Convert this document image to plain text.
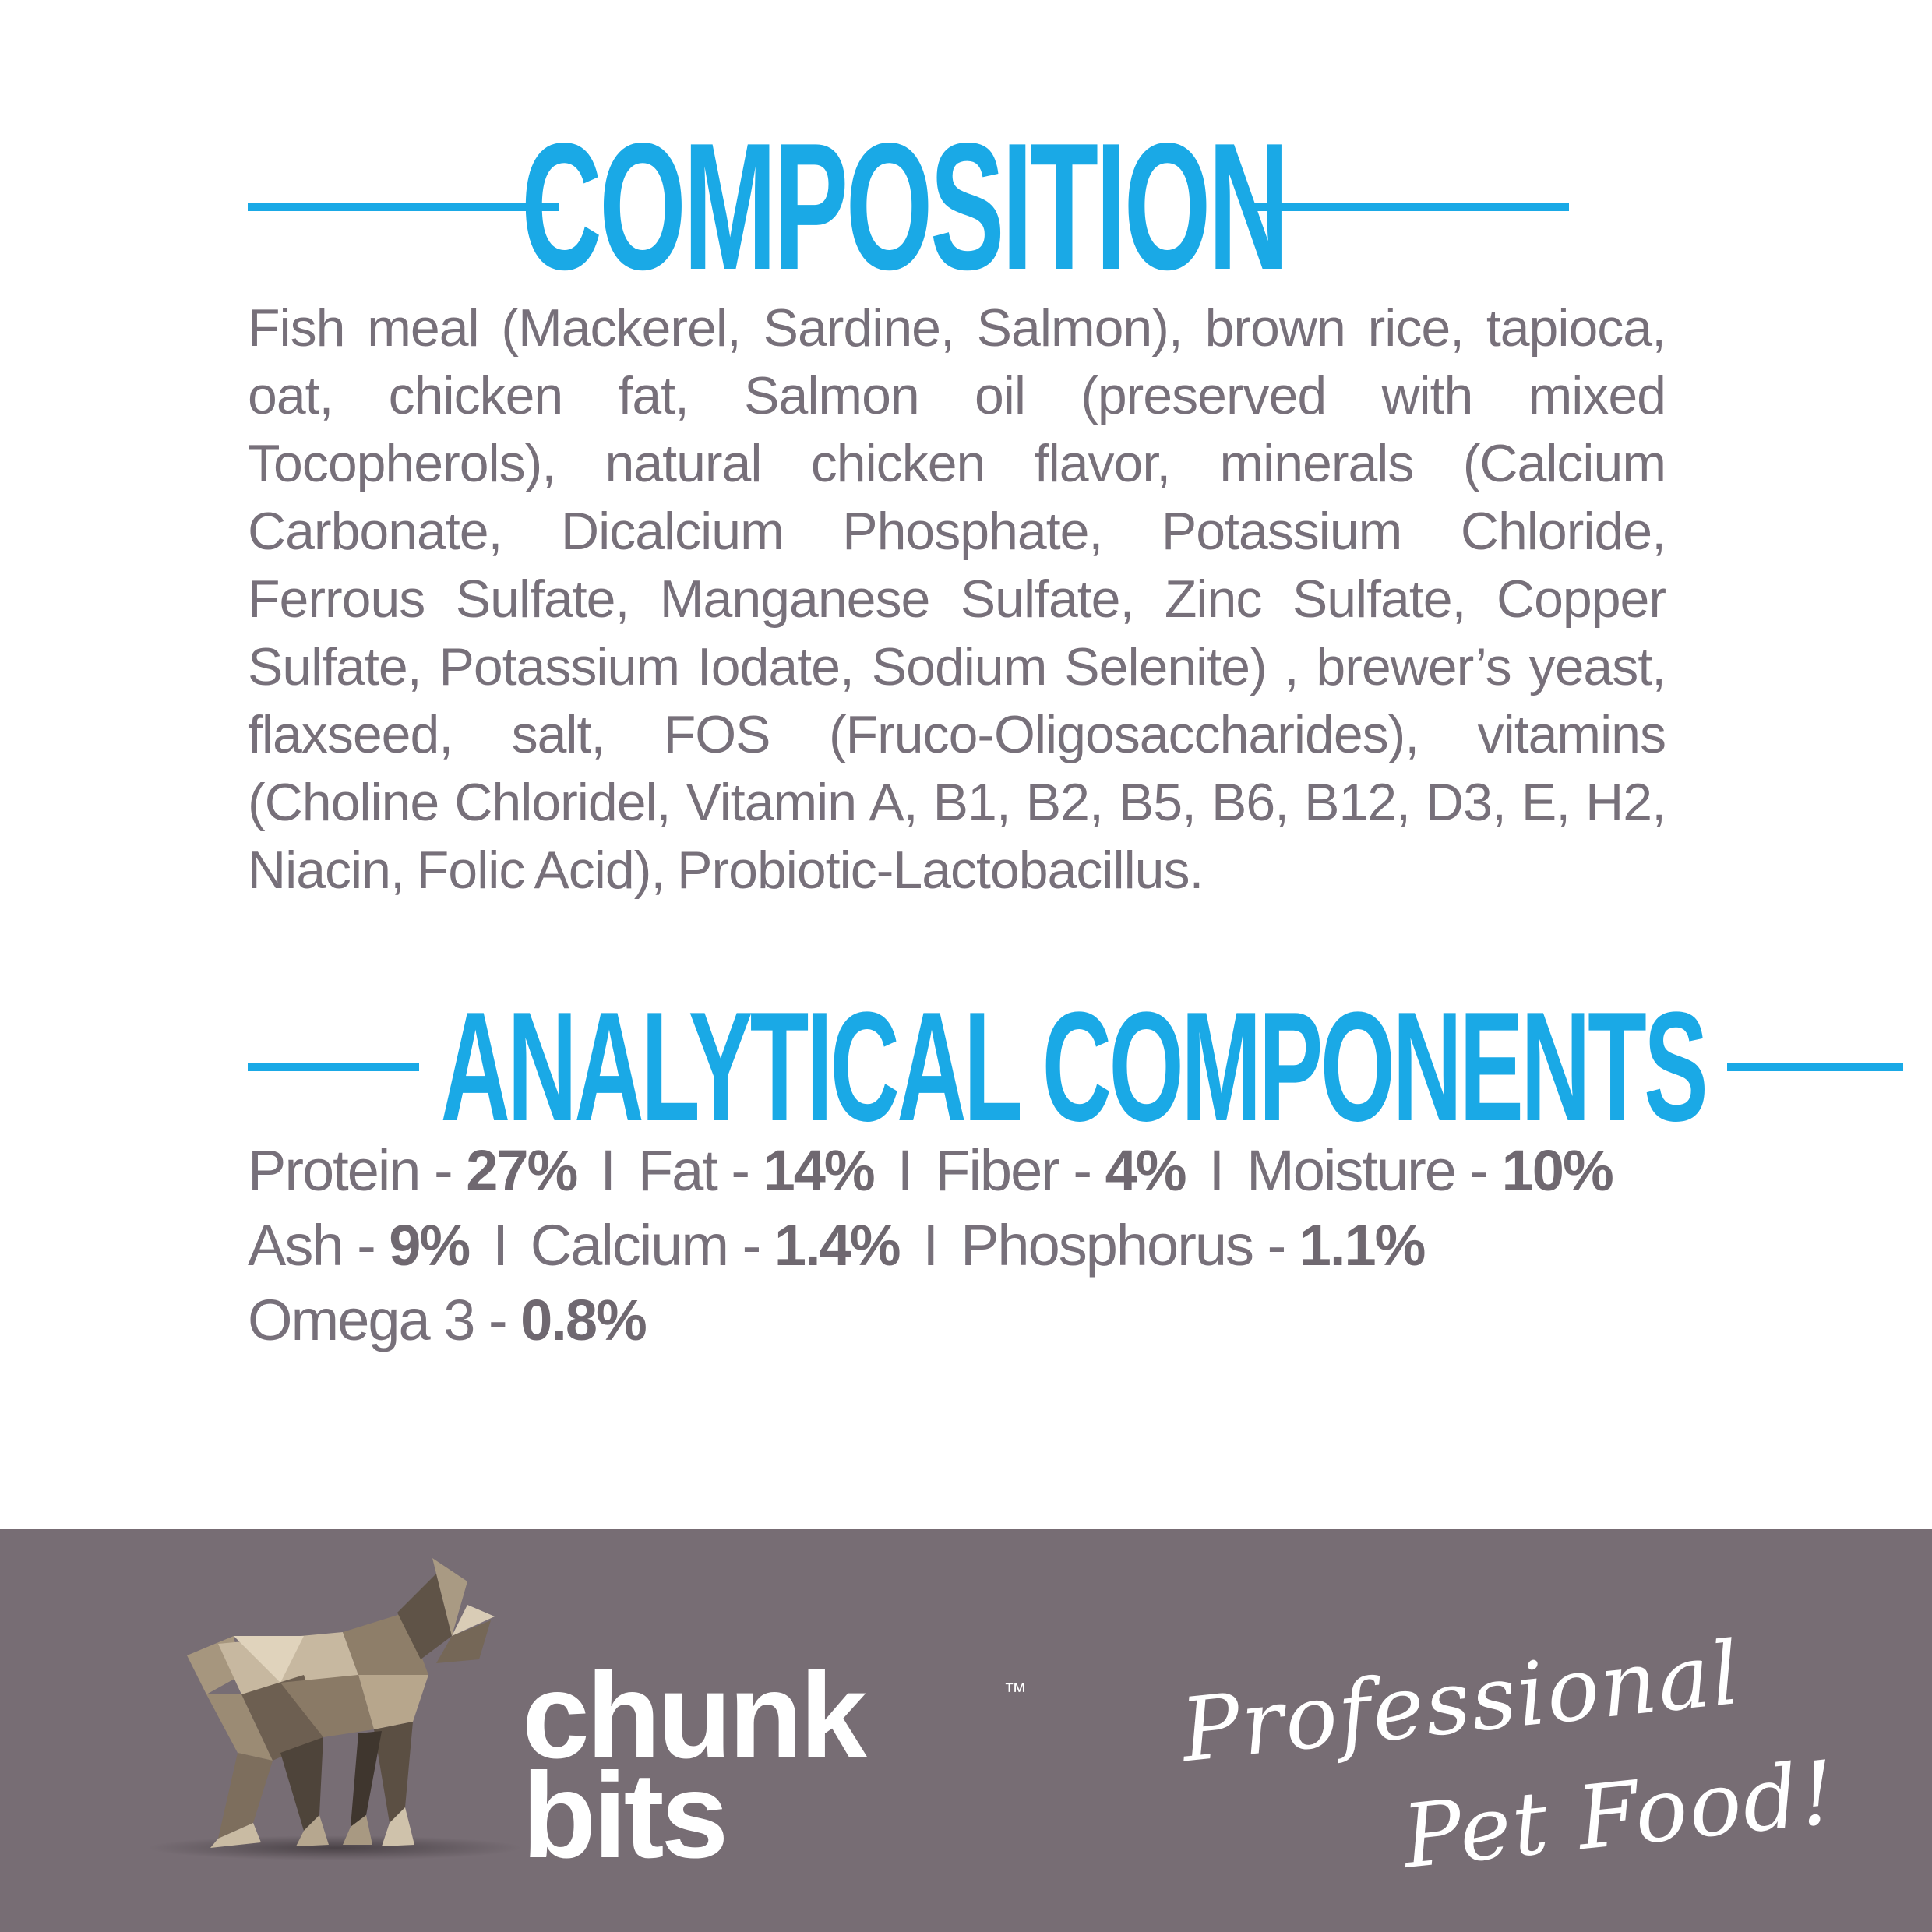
COMPOSITION
Fish meal (Mackerel, Sardine, Salmon), brown rice, tapioca, oat, chicken fat, Salmon oil (preserved with mixed Tocopherols), natural chicken flavor, minerals (Calcium Carbonate, Dicalcium Phosphate, Potassium Chloride, Ferrous Sulfate, Manganese Sulfate, Zinc Sulfate, Copper Sulfate, Potassium Iodate, Sodium Selenite) , brewer’s yeast, flaxseed, salt, FOS (Fruco-Oligosaccharides), vitamins (Choline Chloridel, Vitamin A, B1, B2, B5, B6, B12, D3, E, H2, Niacin, Folic Acid), Probiotic-Lactobacillus.
ANALYTICAL COMPONENTS
Protein - 27% I Fat - 14% I Fiber - 4% I Moisture - 10%
Ash - 9% I Calcium - 1.4% I Phosphorus - 1.1%
Omega 3 - 0.8%
chunk
bits
™ Professional
Pet Food!
